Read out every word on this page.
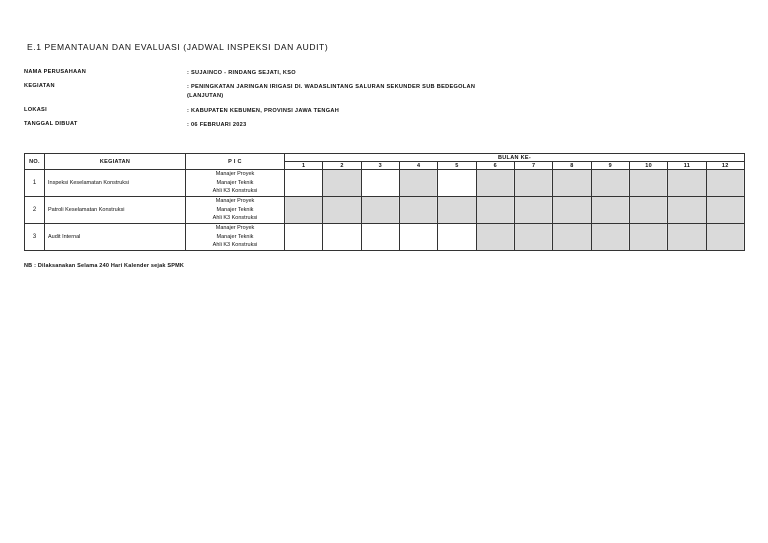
E.1 PEMANTAUAN DAN EVALUASI (JADWAL INSPEKSI DAN AUDIT)
NAMA PERUSAHAAN	: SUJAINCO - RINDANG SEJATI, KSO
KEGIATAN	: PENINGKATAN JARINGAN IRIGASI DI. WADASLINTANG SALURAN SEKUNDER SUB BEDEGOLAN (LANJUTAN)
LOKASI	: KABUPATEN KEBUMEN, PROVINSI JAWA TENGAH
TANGGAL DIBUAT	: 06 FEBRUARI 2023
NO.	KEGIATAN	P I C	BULAN KE-											
			1	2	3	4	5	6	7	8	9	10	11	12
1	Inspeksi Keselamatan Konstruksi	Manajer Proyek
Manajer Teknik
Ahli K3 Konstruksi												

2	Patroli Keselamatan Konstruksi	Manajer Proyek
Manajer Teknik
Ahli K3 Konstruksi												

3	Audit Internal	Manajer Proyek
Manajer Teknik
Ahli K3 Konstruksi												

NB : Dilaksanakan Selama 240 Hari Kalender sejak SPMK
